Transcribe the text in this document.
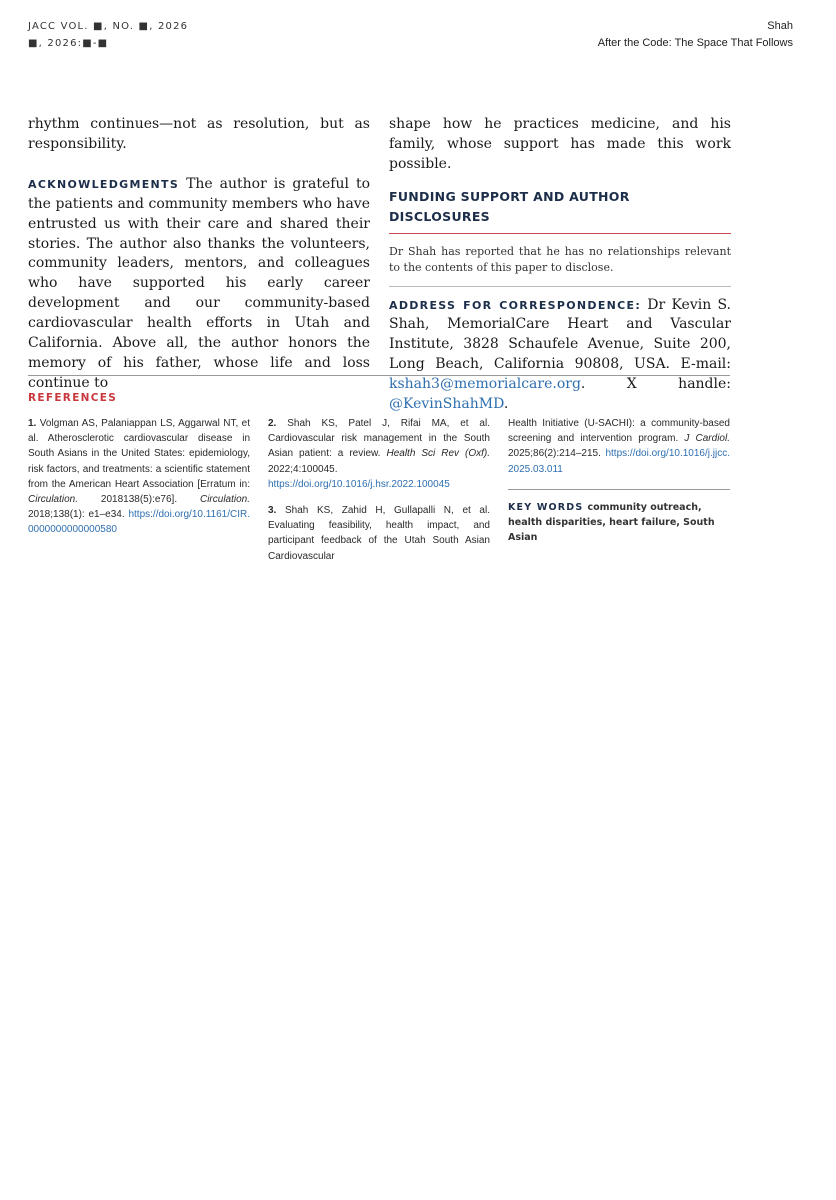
JACC VOL. ■, NO. ■, 2026
■, 2026:■-■
Shah
After the Code: The Space That Follows

rhythm continues—not as resolution, but as

responsibility.

ACKNOWLEDGMENTS The author is grateful to the patients and community members who have entrusted us with their care and shared their stories. The author also thanks the volunteers, community leaders, mentors, and colleagues who have supported his early career development and our community-based cardiovascular health efforts in Utah and California. Above all, the author honors the memory of his father, whose life and loss continue to

shape how he practices medicine, and his family, whose support has made this work possible.

FUNDING SUPPORT AND AUTHOR DISCLOSURES
Dr Shah has reported that he has no relationships relevant to the contents of this paper to disclose.

ADDRESS FOR CORRESPONDENCE: Dr Kevin S. Shah, MemorialCare Heart and Vascular Institute, 3828 Schaufele Avenue, Suite 200, Long Beach, California 90808, USA. E-mail: kshah3@memorialcare.org. X handle: @KevinShahMD.

REFERENCES
1. Volgman AS, Palaniappan LS, Aggarwal NT, et al. Atherosclerotic cardiovascular disease in South Asians in the United States: epidemiology, risk factors, and treatments: a scientific statement from the American Heart Association [Erratum in: Circulation. 2018138(5):e76]. Circulation. 2018;138(1): e1–e34. https://doi.org/10.1161/CIR.0000000000000580
2. Shah KS, Patel J, Rifai MA, et al. Cardiovascular risk management in the South Asian patient: a review. Health Sci Rev (Oxf). 2022;4:100045. https://doi.org/10.1016/j.hsr.2022.100045
3. Shah KS, Zahid H, Gullapalli N, et al. Evaluating feasibility, health impact, and participant feedback of the Utah South Asian Cardiovascular
Health Initiative (U-SACHI): a community-based screening and intervention program. J Cardiol. 2025;86(2):214–215. https://doi.org/10.1016/j.jjcc.2025.03.011
KEY WORDS community outreach, health disparities, heart failure, South Asian
